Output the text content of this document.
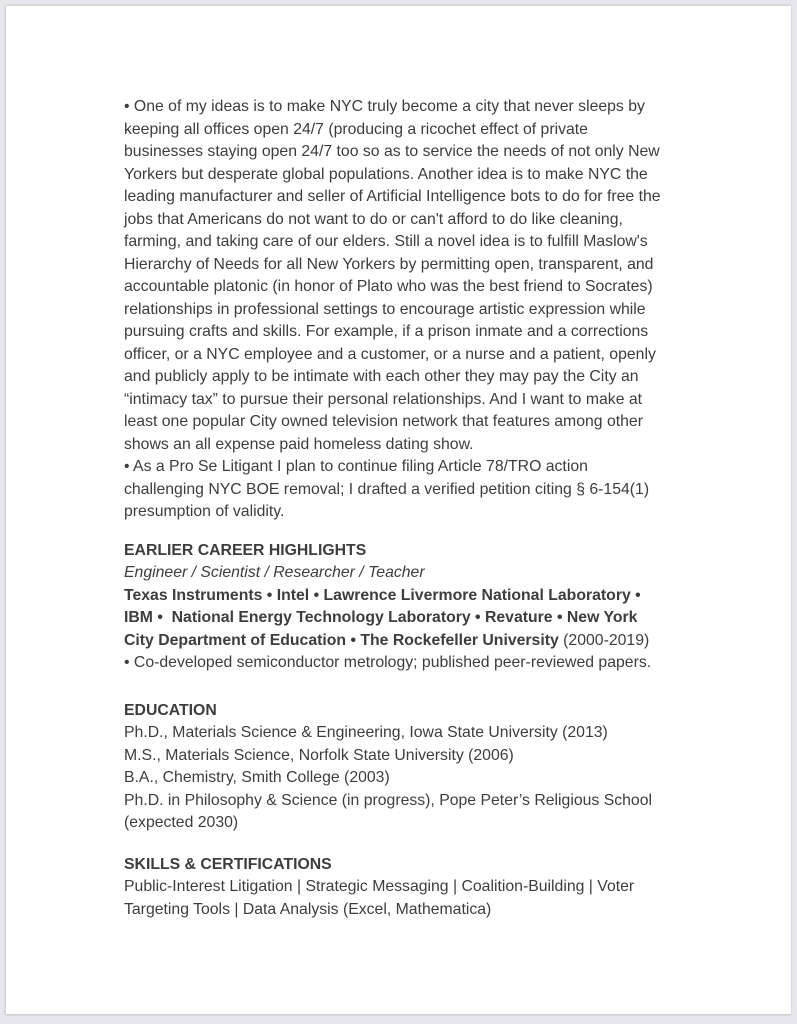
• One of my ideas is to make NYC truly become a city that never sleeps by
keeping all offices open 24/7 (producing a ricochet effect of private
businesses staying open 24/7 too so as to service the needs of not only New
Yorkers but desperate global populations. Another idea is to make NYC the
leading manufacturer and seller of Artificial Intelligence bots to do for free the
jobs that Americans do not want to do or can't afford to do like cleaning,
farming, and taking care of our elders. Still a novel idea is to fulfill Maslow's
Hierarchy of Needs for all New Yorkers by permitting open, transparent, and
accountable platonic (in honor of Plato who was the best friend to Socrates)
relationships in professional settings to encourage artistic expression while
pursuing crafts and skills. For example, if a prison inmate and a corrections
officer, or a NYC employee and a customer, or a nurse and a patient, openly
and publicly apply to be intimate with each other they may pay the City an
“intimacy tax” to pursue their personal relationships. And I want to make at
least one popular City owned television network that features among other
shows an all expense paid homeless dating show.
• As a Pro Se Litigant I plan to continue filing Article 78/TRO action
challenging NYC BOE removal; I drafted a verified petition citing § 6-154(1)
presumption of validity.
EARLIER CAREER HIGHLIGHTS
Engineer / Scientist / Researcher / Teacher
Texas Instruments • Intel • Lawrence Livermore National Laboratory •
IBM •  National Energy Technology Laboratory • Revature • New York
City Department of Education • The Rockefeller University (2000-2019)
• Co-developed semiconductor metrology; published peer-reviewed papers.
EDUCATION
Ph.D., Materials Science & Engineering, Iowa State University (2013)
M.S., Materials Science, Norfolk State University (2006)
B.A., Chemistry, Smith College (2003)
Ph.D. in Philosophy & Science (in progress), Pope Peter’s Religious School
(expected 2030)
SKILLS & CERTIFICATIONS
Public-Interest Litigation | Strategic Messaging | Coalition-Building | Voter
Targeting Tools | Data Analysis (Excel, Mathematica)
